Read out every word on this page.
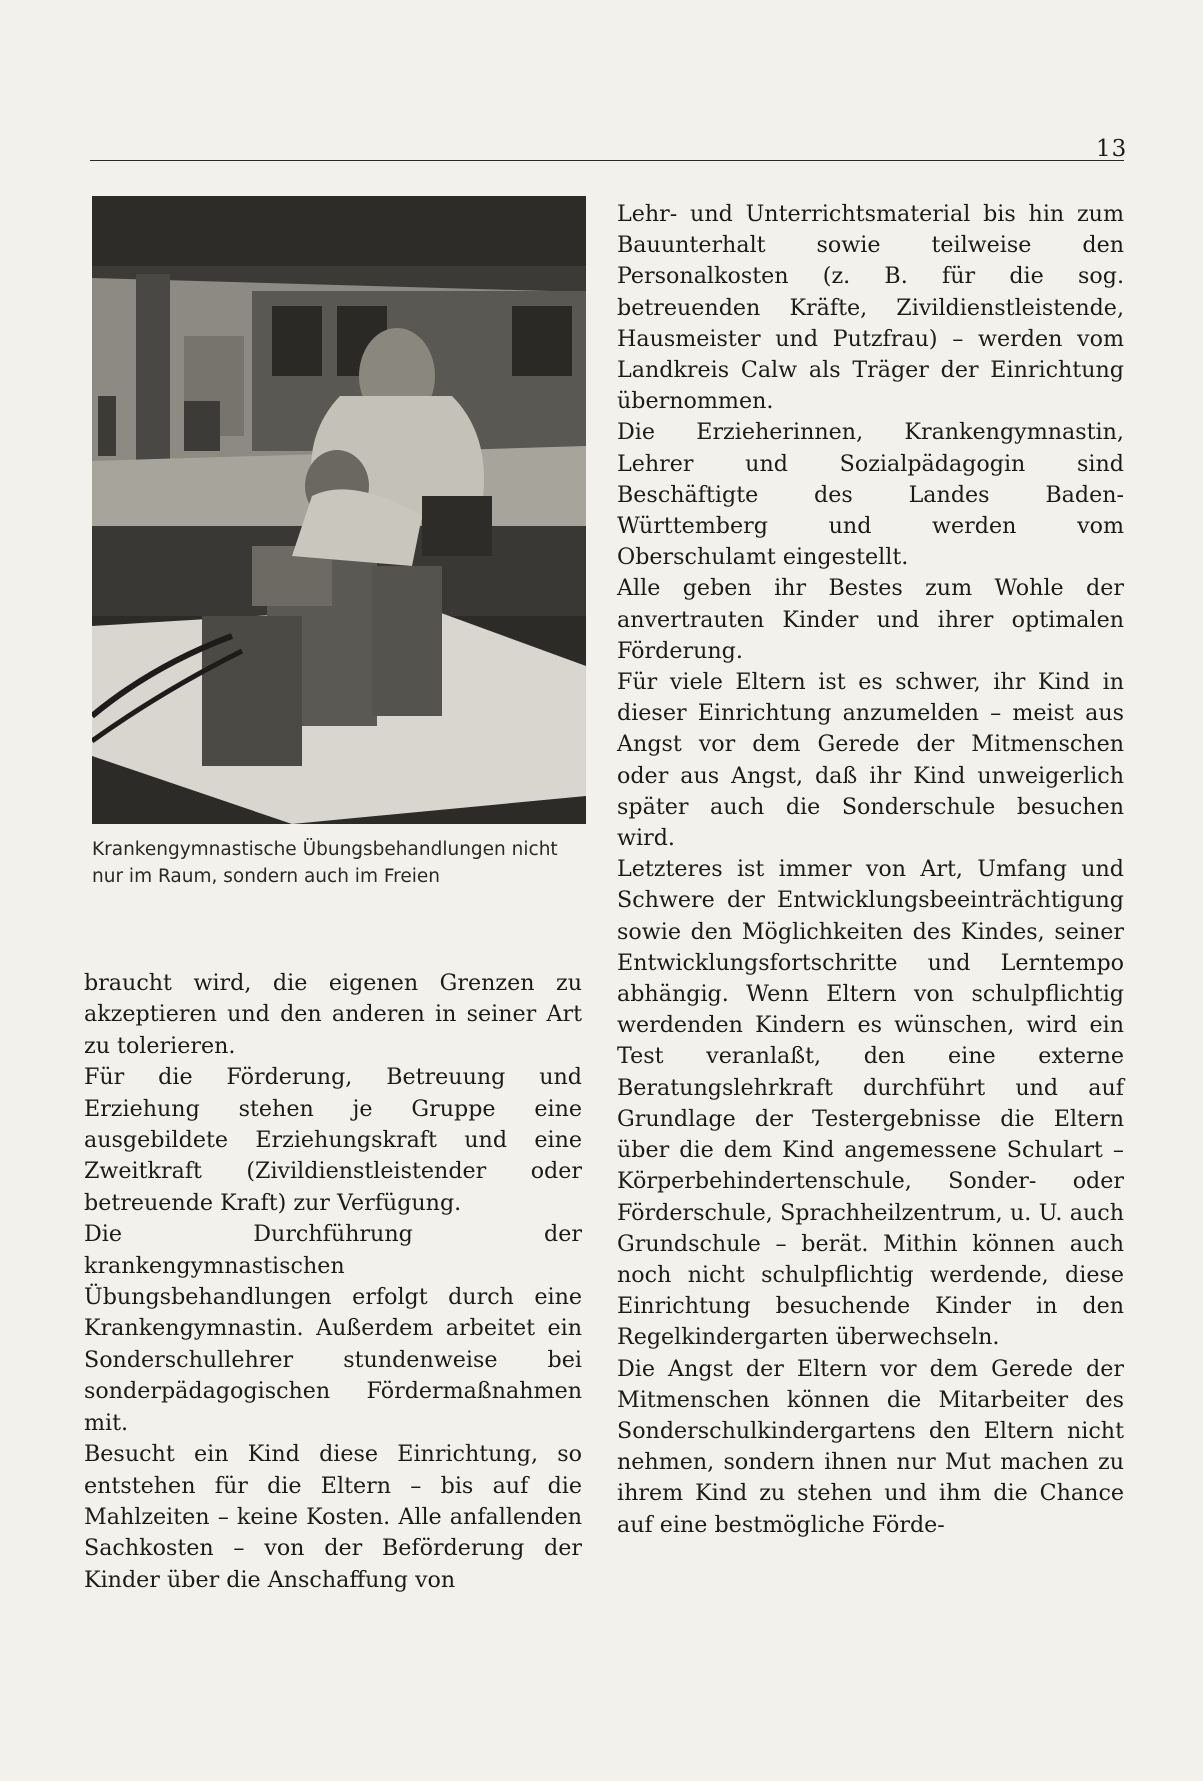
13
Krankengymnastische Übungsbehandlungen nicht
nur im Raum, sondern auch im Freien

braucht wird, die eigenen Grenzen zu akzeptieren und den anderen in seiner Art zu tolerieren.

Für die Förderung, Betreuung und Erziehung stehen je Gruppe eine ausgebildete Erziehungskraft und eine Zweitkraft (Zivildienstleistender oder betreuende Kraft) zur Verfügung.

Die Durchführung der krankengymnastischen Übungsbehandlungen erfolgt durch eine Krankengymnastin. Außerdem arbeitet ein Sonderschullehrer stundenweise bei sonderpädagogischen Fördermaßnahmen mit.

Besucht ein Kind diese Einrichtung, so entstehen für die Eltern – bis auf die Mahlzeiten – keine Kosten. Alle anfallenden Sachkosten – von der Beförderung der Kinder über die Anschaffung von

Lehr- und Unterrichtsmaterial bis hin zum Bauunterhalt sowie teilweise den Personalkosten (z. B. für die sog. betreuenden Kräfte, Zivildienstleistende, Hausmeister und Putzfrau) – werden vom Landkreis Calw als Träger der Einrichtung übernommen.

Die Erzieherinnen, Krankengymnastin, Lehrer und Sozialpädagogin sind Beschäftigte des Landes Baden-Württemberg und werden vom Oberschulamt eingestellt.

Alle geben ihr Bestes zum Wohle der anvertrauten Kinder und ihrer optimalen Förderung.

Für viele Eltern ist es schwer, ihr Kind in dieser Einrichtung anzumelden – meist aus Angst vor dem Gerede der Mitmenschen oder aus Angst, daß ihr Kind unweigerlich später auch die Sonderschule besuchen wird.

Letzteres ist immer von Art, Umfang und Schwere der Entwicklungsbeeinträchtigung sowie den Möglichkeiten des Kindes, seiner Entwicklungsfortschritte und Lerntempo abhängig. Wenn Eltern von schulpflichtig werdenden Kindern es wünschen, wird ein Test veranlaßt, den eine externe Beratungslehrkraft durchführt und auf Grundlage der Testergebnisse die Eltern über die dem Kind angemessene Schulart – Körperbehindertenschule, Sonder- oder Förderschule, Sprachheilzentrum, u. U. auch Grundschule – berät. Mithin können auch noch nicht schulpflichtig werdende, diese Einrichtung besuchende Kinder in den Regelkindergarten überwechseln.

Die Angst der Eltern vor dem Gerede der Mitmenschen können die Mitarbeiter des Sonderschulkindergartens den Eltern nicht nehmen, sondern ihnen nur Mut machen zu ihrem Kind zu stehen und ihm die Chance auf eine bestmögliche Förde-
